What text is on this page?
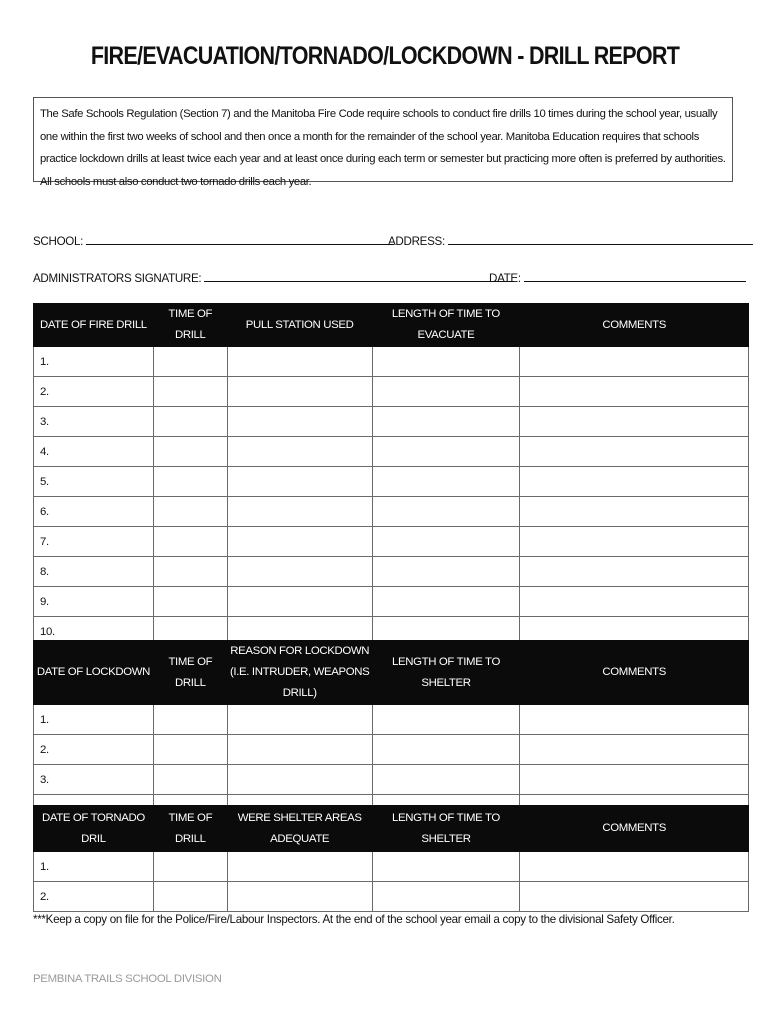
FIRE/EVACUATION/TORNADO/LOCKDOWN - DRILL REPORT
The Safe Schools Regulation (Section 7) and the Manitoba Fire Code require schools to conduct fire drills 10 times during the school year, usually one within the first two weeks of school and then once a month for the remainder of the school year. Manitoba Education requires that schools practice lockdown drills at least twice each year and at least once during each term or semester but practicing more often is preferred by authorities. All schools must also conduct two tornado drills each year.
SCHOOL:	ADDRESS:
ADMINISTRATORS SIGNATURE:	DATE:
DATE OF FIRE DRILL	TIME OF DRILL	PULL STATION USED	LENGTH OF TIME TO EVACUATE	COMMENTS
1.				
2.				
3.				
4.				
5.				
6.				
7.				
8.				
9.				
10.				
DATE OF LOCKDOWN	TIME OF DRILL	REASON FOR LOCKDOWN (I.E. INTRUDER, WEAPONS DRILL)	LENGTH OF TIME TO SHELTER	COMMENTS
1.				
2.				
3.				

DATE OF TORNADO DRIL	TIME OF DRILL	WERE SHELTER AREAS ADEQUATE	LENGTH OF TIME TO SHELTER	COMMENTS
1.				
2.				
***Keep a copy on file for the Police/Fire/Labour Inspectors. At the end of the school year email a copy to the divisional Safety Officer.
PEMBINA TRAILS SCHOOL DIVISION
